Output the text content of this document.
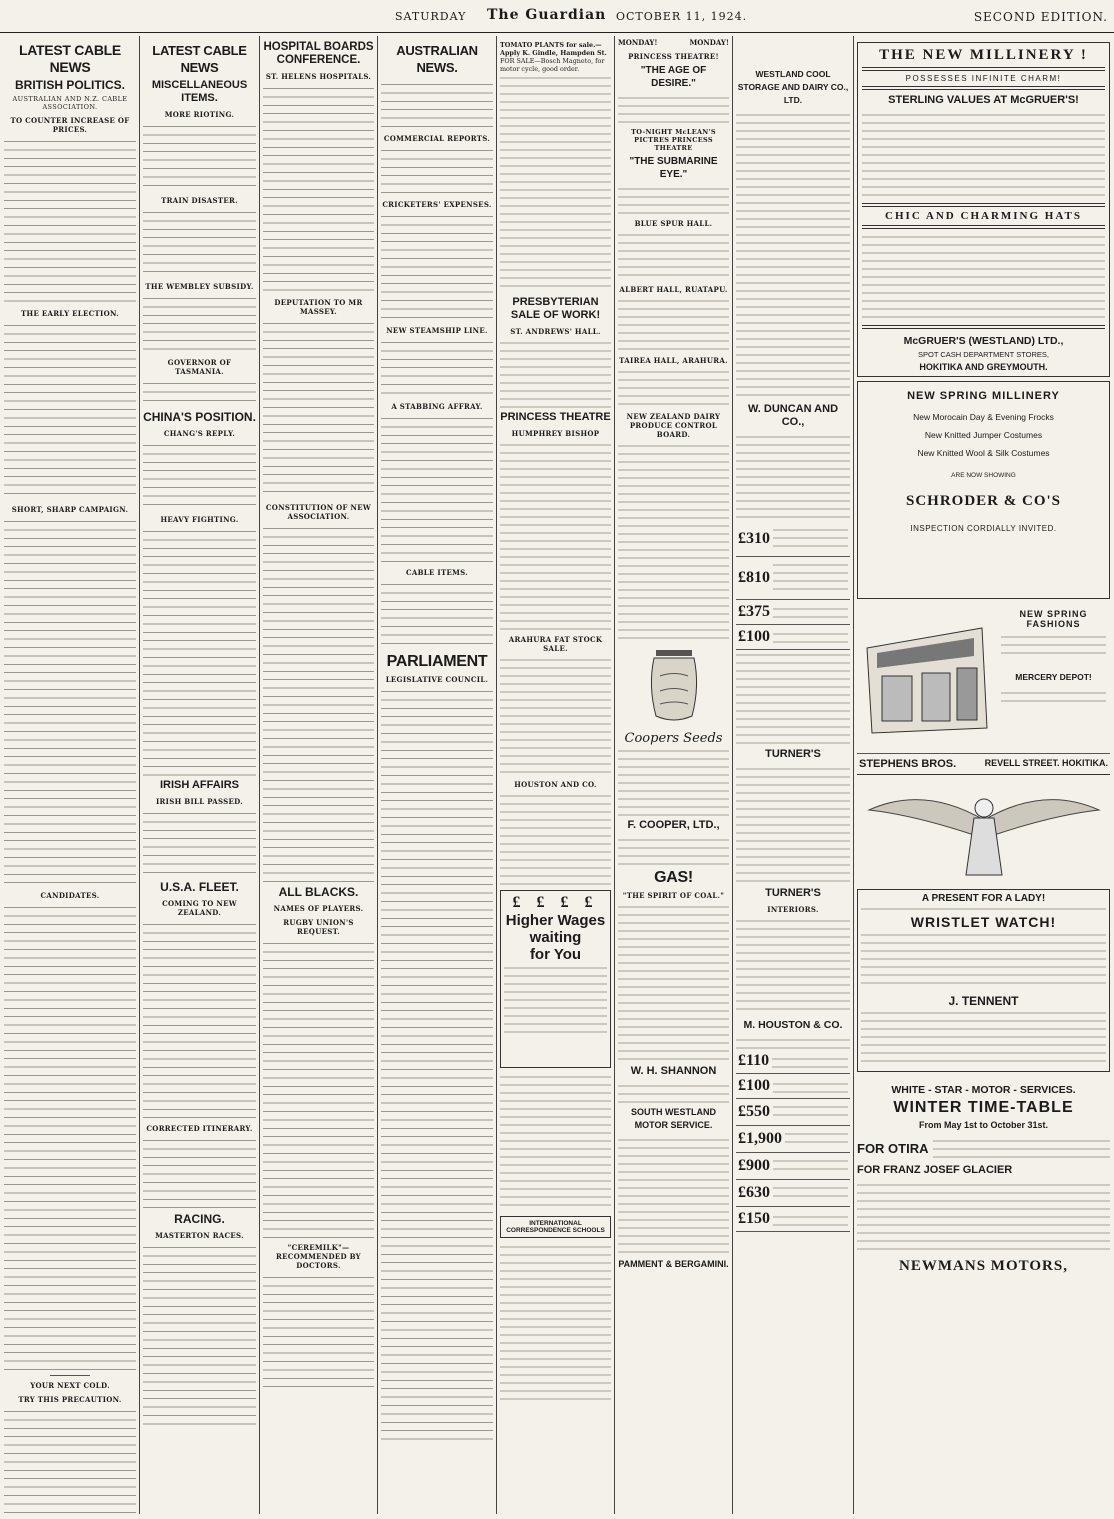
SATURDAY The Guardian OCTOBER 11, 1924.	SECOND EDITION.
LATEST CABLE NEWS
BRITISH POLITICS.
AUSTRALIAN AND N.Z. CABLE ASSOCIATION.
TO COUNTER INCREASE OF PRICES.
THE EARLY ELECTION.
SHORT, SHARP CAMPAIGN.
CANDIDATES.
YOUR NEXT COLD.
TRY THIS PRECAUTION.
LATEST CABLE NEWS
MISCELLANEOUS ITEMS.
MORE RIOTING.
TRAIN DISASTER.
THE WEMBLEY SUBSIDY.
GOVERNOR OF TASMANIA.
CHINA'S POSITION.
CHANG'S REPLY.
HEAVY FIGHTING.
IRISH AFFAIRS
IRISH BILL PASSED.
U.S.A. FLEET.
COMING TO NEW ZEALAND.
CORRECTED ITINERARY.
RACING.
MASTERTON RACES.
HOSPITAL BOARDS CONFERENCE.
ST. HELENS HOSPITALS.
DEPUTATION TO MR MASSEY.
CONSTITUTION OF NEW ASSOCIATION.
ALL BLACKS.
NAMES OF PLAYERS.
RUGBY UNION'S REQUEST.
"CEREMILK"—RECOMMENDED BY DOCTORS.
AUSTRALIAN NEWS.
COMMERCIAL REPORTS.
CRICKETERS' EXPENSES.
NEW STEAMSHIP LINE.
A STABBING AFFRAY.
CABLE ITEMS.
PARLIAMENT
LEGISLATIVE COUNCIL.
TOMATO PLANTS for sale.—Apply K. Gindle, Hampden St.
FOR SALE—Bosch Magneto, for motor cycle, good order.
PRESBYTERIAN SALE OF WORK!
ST. ANDREWS' HALL.
PRINCESS THEATRE
HUMPHREY BISHOP
ARAHURA FAT STOCK SALE.
HOUSTON AND CO.
£ £ £ £
Higher Wages
waiting
for You
INTERNATIONAL CORRESPONDENCE SCHOOLS
MONDAY!	MONDAY!
PRINCESS THEATRE!
"THE AGE OF DESIRE."
TO-NIGHT McLEAN'S PICTRES PRINCESS THEATRE
"THE SUBMARINE EYE."
BLUE SPUR HALL.
ALBERT HALL, RUATAPU.
TAIREA HALL, ARAHURA.
NEW ZEALAND DAIRY PRODUCE CONTROL BOARD.
Coopers Seeds
F. COOPER, LTD.,
GAS!
"THE SPIRIT OF COAL."
W. H. SHANNON
SOUTH WESTLAND MOTOR SERVICE.
PAMMENT & BERGAMINI.
WESTLAND COOL STORAGE AND DAIRY CO., LTD.
W. DUNCAN AND CO.,
£310
£810
£375
£100
TURNER'S
TURNER'S
INTERIORS.
M. HOUSTON & CO.
£110
£100
£550
£1,900
£900
£630
£150
THE NEW MILLINERY !
POSSESSES INFINITE CHARM!
STERLING VALUES AT McGRUER'S!
CHIC AND CHARMING HATS
McGRUER'S (WESTLAND) LTD.,
SPOT CASH DEPARTMENT STORES,
HOKITIKA AND GREYMOUTH.
NEW SPRING MILLINERY
New Morocain Day & Evening Frocks
New Knitted Jumper Costumes
New Knitted Wool & Silk Costumes
ARE NOW SHOWING
SCHRODER & CO'S
INSPECTION CORDIALLY INVITED.
NEW SPRING FASHIONS
MERCERY DEPOT!
STEPHENS BROS.	REVELL STREET. HOKITIKA.
A PRESENT FOR A LADY!
WRISTLET WATCH!
J. TENNENT
WHITE - STAR - MOTOR - SERVICES.
WINTER TIME-TABLE
From May 1st to October 31st.
FOR OTIRA
FOR FRANZ JOSEF GLACIER
NEWMANS MOTORS,
